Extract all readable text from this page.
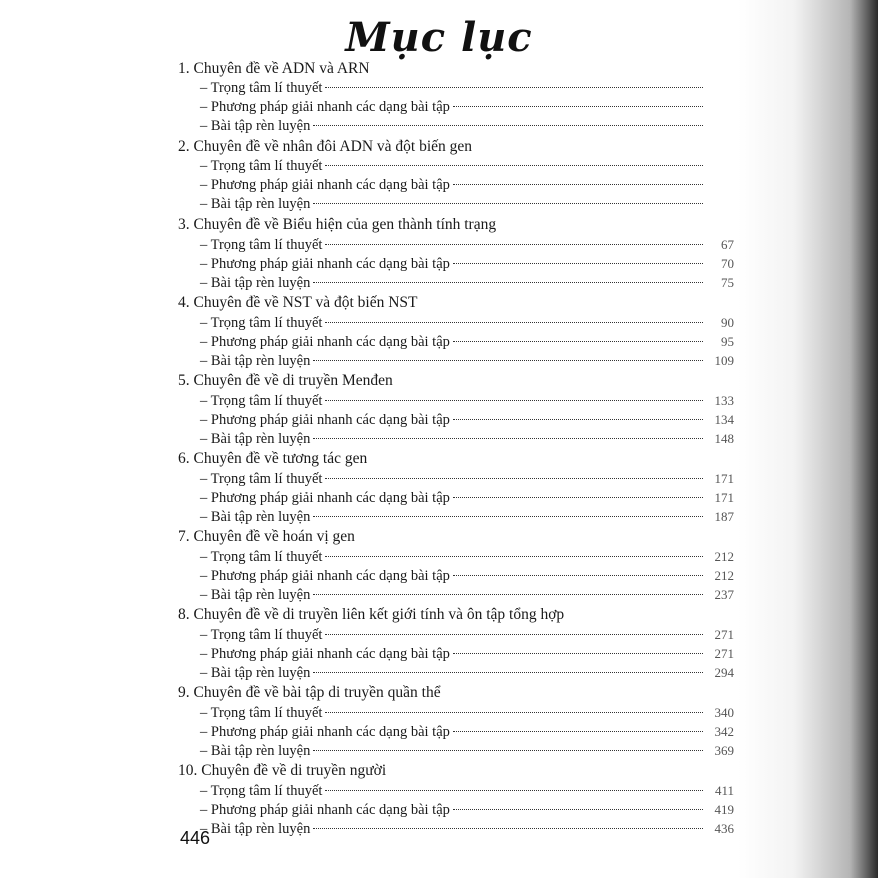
Mục lục
1. Chuyên đề về ADN và ARN
– Trọng tâm lí thuyết
– Phương pháp giải nhanh các dạng bài tập
– Bài tập rèn luyện
2. Chuyên đề về nhân đôi ADN và đột biến gen
– Trọng tâm lí thuyết
– Phương pháp giải nhanh các dạng bài tập
– Bài tập rèn luyện
3. Chuyên đề về Biểu hiện của gen thành tính trạng
– Trọng tâm lí thuyết	67
– Phương pháp giải nhanh các dạng bài tập	70
– Bài tập rèn luyện	75
4. Chuyên đề về NST và đột biến NST
– Trọng tâm lí thuyết	90
– Phương pháp giải nhanh các dạng bài tập	95
– Bài tập rèn luyện	109
5. Chuyên đề về di truyền Menđen
– Trọng tâm lí thuyết	133
– Phương pháp giải nhanh các dạng bài tập	134
– Bài tập rèn luyện	148
6. Chuyên đề về tương tác gen
– Trọng tâm lí thuyết	171
– Phương pháp giải nhanh các dạng bài tập	171
– Bài tập rèn luyện	187
7. Chuyên đề về hoán vị gen
– Trọng tâm lí thuyết	212
– Phương pháp giải nhanh các dạng bài tập	212
– Bài tập rèn luyện	237
8. Chuyên đề về di truyền liên kết giới tính và ôn tập tổng hợp
– Trọng tâm lí thuyết	271
– Phương pháp giải nhanh các dạng bài tập	271
– Bài tập rèn luyện	294
9. Chuyên đề về bài tập di truyền quần thể
– Trọng tâm lí thuyết	340
– Phương pháp giải nhanh các dạng bài tập	342
– Bài tập rèn luyện	369
10. Chuyên đề về di truyền người
– Trọng tâm lí thuyết	411
– Phương pháp giải nhanh các dạng bài tập	419
– Bài tập rèn luyện	436
446
